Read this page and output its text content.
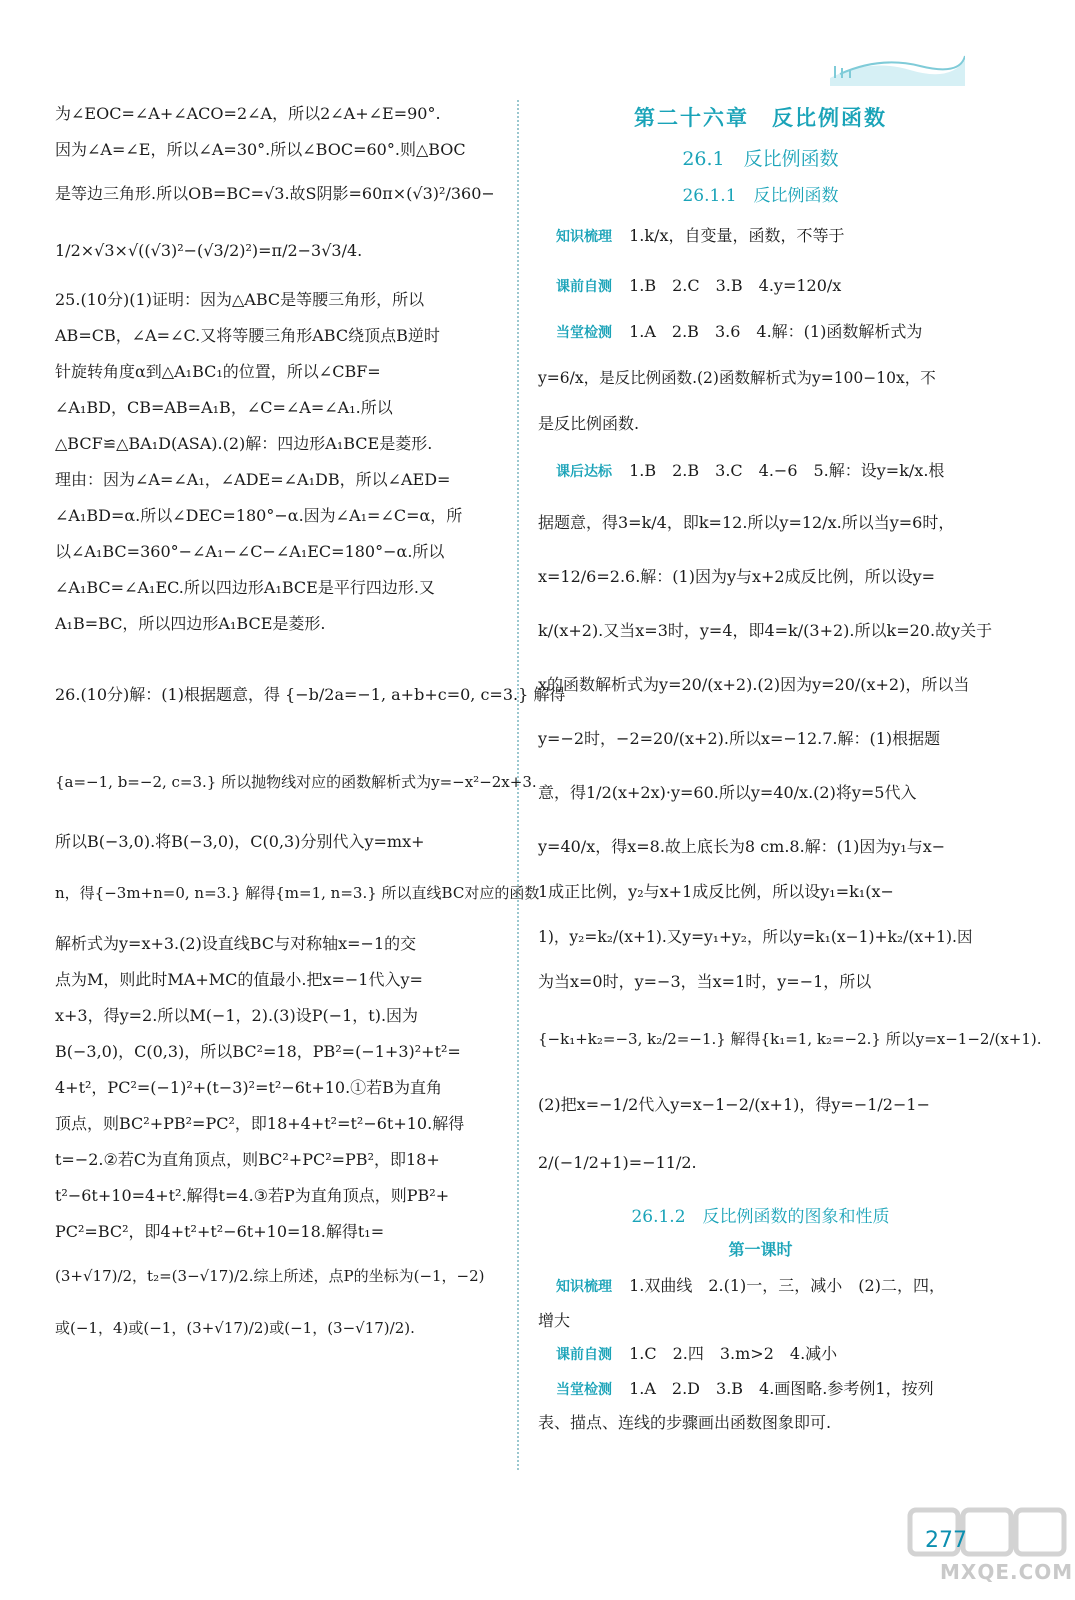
为∠EOC=∠A+∠ACO=2∠A，所以2∠A+∠E=90°.
因为∠A=∠E，所以∠A=30°.所以∠BOC=60°.则△BOC
是等边三角形.所以OB=BC=√3.故S阴影=60π×(√3)²/360−
1/2×√3×√((√3)²−(√3/2)²)=π/2−3√3/4.
25.(10分)(1)证明：因为△ABC是等腰三角形，所以
AB=CB，∠A=∠C.又将等腰三角形ABC绕顶点B逆时
针旋转角度α到△A₁BC₁的位置，所以∠CBF=
∠A₁BD，CB=AB=A₁B，∠C=∠A=∠A₁.所以
△BCF≌△BA₁D(ASA).(2)解：四边形A₁BCE是菱形.
理由：因为∠A=∠A₁，∠ADE=∠A₁DB，所以∠AED=
∠A₁BD=α.所以∠DEC=180°−α.因为∠A₁=∠C=α，所
以∠A₁BC=360°−∠A₁−∠C−∠A₁EC=180°−α.所以
∠A₁BC=∠A₁EC.所以四边形A₁BCE是平行四边形.又
A₁B=BC，所以四边形A₁BCE是菱形.
26.(10分)解：(1)根据题意，得 {−b/2a=−1, a+b+c=0, c=3.} 解得
{a=−1, b=−2, c=3.} 所以抛物线对应的函数解析式为y=−x²−2x+3.
所以B(−3,0).将B(−3,0)，C(0,3)分别代入y=mx+
n，得{−3m+n=0, n=3.} 解得{m=1, n=3.} 所以直线BC对应的函数
解析式为y=x+3.(2)设直线BC与对称轴x=−1的交
点为M，则此时MA+MC的值最小.把x=−1代入y=
x+3，得y=2.所以M(−1，2).(3)设P(−1，t).因为
B(−3,0)，C(0,3)，所以BC²=18，PB²=(−1+3)²+t²=
4+t²，PC²=(−1)²+(t−3)²=t²−6t+10.①若B为直角
顶点，则BC²+PB²=PC²，即18+4+t²=t²−6t+10.解得
t=−2.②若C为直角顶点，则BC²+PC²=PB²，即18+
t²−6t+10=4+t².解得t=4.③若P为直角顶点，则PB²+
PC²=BC²，即4+t²+t²−6t+10=18.解得t₁=
(3+√17)/2，t₂=(3−√17)/2.综上所述，点P的坐标为(−1，−2)
或(−1，4)或(−1，(3+√17)/2)或(−1，(3−√17)/2).
第二十六章　反比例函数
26.1　反比例函数
26.1.1　反比例函数
知识梳理 1.k/x，自变量，函数，不等于
课前自测 1.B　2.C　3.B　4.y=120/x
当堂检测 1.A　2.B　3.6　4.解：(1)函数解析式为
y=6/x，是反比例函数.(2)函数解析式为y=100−10x，不
是反比例函数.
课后达标 1.B　2.B　3.C　4.−6　5.解：设y=k/x.根
据题意，得3=k/4，即k=12.所以y=12/x.所以当y=6时，
x=12/6=2.6.解：(1)因为y与x+2成反比例，所以设y=
k/(x+2).又当x=3时，y=4，即4=k/(3+2).所以k=20.故y关于
x的函数解析式为y=20/(x+2).(2)因为y=20/(x+2)，所以当
y=−2时，−2=20/(x+2).所以x=−12.7.解：(1)根据题
意，得1/2(x+2x)·y=60.所以y=40/x.(2)将y=5代入
y=40/x，得x=8.故上底长为8 cm.8.解：(1)因为y₁与x−
1成正比例，y₂与x+1成反比例，所以设y₁=k₁(x−
1)，y₂=k₂/(x+1).又y=y₁+y₂，所以y=k₁(x−1)+k₂/(x+1).因
为当x=0时，y=−3，当x=1时，y=−1，所以
{−k₁+k₂=−3, k₂/2=−1.} 解得{k₁=1, k₂=−2.} 所以y=x−1−2/(x+1).
(2)把x=−1/2代入y=x−1−2/(x+1)，得y=−1/2−1−
2/(−1/2+1)=−11/2.
26.1.2　反比例函数的图象和性质
第一课时
知识梳理 1.双曲线　2.(1)一，三，减小　(2)二，四，
增大
课前自测 1.C　2.四　3.m>2　4.减小
当堂检测 1.A　2.D　3.B　4.画图略.参考例1，按列
表、描点、连线的步骤画出函数图象即可.
277
MXQE.COM
